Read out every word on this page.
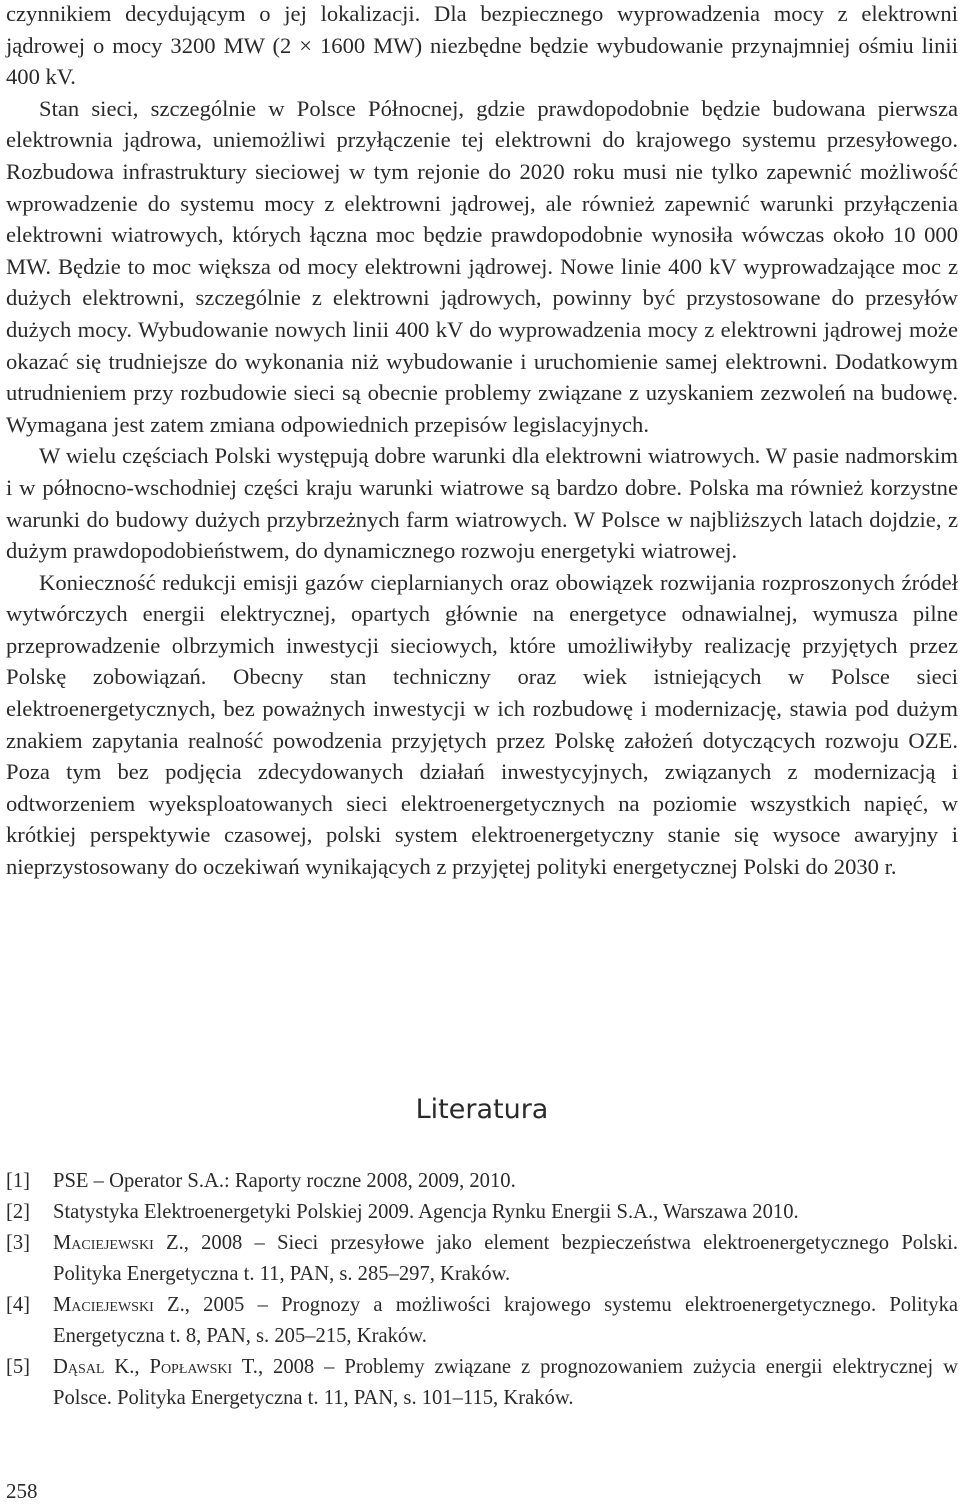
czynnikiem decydującym o jej lokalizacji. Dla bezpiecznego wyprowadzenia mocy z elektrowni jądrowej o mocy 3200 MW (2 × 1600 MW) niezbędne będzie wybudowanie przynajmniej ośmiu linii 400 kV.

Stan sieci, szczególnie w Polsce Północnej, gdzie prawdopodobnie będzie budowana pierwsza elektrownia jądrowa, uniemożliwi przyłączenie tej elektrowni do krajowego systemu przesyłowego. Rozbudowa infrastruktury sieciowej w tym rejonie do 2020 roku musi nie tylko zapewnić możliwość wprowadzenie do systemu mocy z elektrowni jądrowej, ale również zapewnić warunki przyłączenia elektrowni wiatrowych, których łączna moc będzie prawdopodobnie wynosiła wówczas około 10 000 MW. Będzie to moc większa od mocy elektrowni jądrowej. Nowe linie 400 kV wyprowadzające moc z dużych elektrowni, szczególnie z elektrowni jądrowych, powinny być przystosowane do przesyłów dużych mocy. Wybudowanie nowych linii 400 kV do wyprowadzenia mocy z elektrowni jądrowej może okazać się trudniejsze do wykonania niż wybudowanie i uruchomienie samej elektrowni. Dodatkowym utrudnieniem przy rozbudowie sieci są obecnie problemy związane z uzyskaniem zezwoleń na budowę. Wymagana jest zatem zmiana odpowiednich przepisów legislacyjnych.

W wielu częściach Polski występują dobre warunki dla elektrowni wiatrowych. W pasie nadmorskim i w północno-wschodniej części kraju warunki wiatrowe są bardzo dobre. Polska ma również korzystne warunki do budowy dużych przybrzeżnych farm wiatrowych. W Polsce w najbliższych latach dojdzie, z dużym prawdopodobieństwem, do dynamicznego rozwoju energetyki wiatrowej.

Konieczność redukcji emisji gazów cieplarnianych oraz obowiązek rozwijania rozproszonych źródeł wytwórczych energii elektrycznej, opartych głównie na energetyce odnawialnej, wymusza pilne przeprowadzenie olbrzymich inwestycji sieciowych, które umożliwiłyby realizację przyjętych przez Polskę zobowiązań. Obecny stan techniczny oraz wiek istniejących w Polsce sieci elektroenergetycznych, bez poważnych inwestycji w ich rozbudowę i modernizację, stawia pod dużym znakiem zapytania realność powodzenia przyjętych przez Polskę założeń dotyczących rozwoju OZE. Poza tym bez podjęcia zdecydowanych działań inwestycyjnych, związanych z modernizacją i odtworzeniem wyeksploatowanych sieci elektroenergetycznych na poziomie wszystkich napięć, w krótkiej perspektywie czasowej, polski system elektroenergetyczny stanie się wysoce awaryjny i nieprzystosowany do oczekiwań wynikających z przyjętej polityki energetycznej Polski do 2030 r.

Literatura
[1]	PSE – Operator S.A.: Raporty roczne 2008, 2009, 2010.
[2]	Statystyka Elektroenergetyki Polskiej 2009. Agencja Rynku Energii S.A., Warszawa 2010.
[3]	Maciejewski Z., 2008 – Sieci przesyłowe jako element bezpieczeństwa elektroenergetycznego Polski. Polityka Energetyczna t. 11, PAN, s. 285–297, Kraków.
[4]	Maciejewski Z., 2005 – Prognozy a możliwości krajowego systemu elektroenergetycznego. Polityka Energetyczna t. 8, PAN, s. 205–215, Kraków.
[5]	Dąsal K., Popławski T., 2008 – Problemy związane z prognozowaniem zużycia energii elektrycznej w Polsce. Polityka Energetyczna t. 11, PAN, s. 101–115, Kraków.
258
